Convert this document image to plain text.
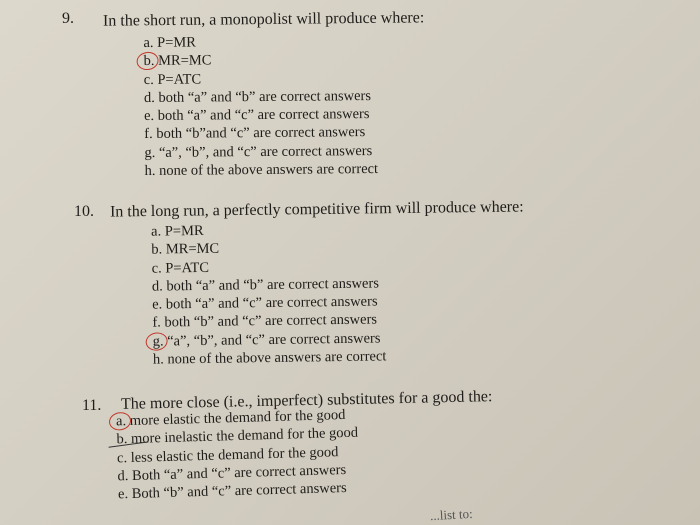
9. In the short run, a monopolist will produce where:
a. P=MR
b. MR=MC
c. P=ATC
d. both “a” and “b” are correct answers
e. both “a” and “c” are correct answers
f. both “b”and “c” are correct answers
g. “a”, “b”, and “c” are correct answers
h. none of the above answers are correct
10. In the long run, a perfectly competitive firm will produce where:
a. P=MR
b. MR=MC
c. P=ATC
d. both “a” and “b” are correct answers
e. both “a” and “c” are correct answers
f. both “b” and “c” are correct answers
g. “a”, “b”, and “c” are correct answers
h. none of the above answers are correct
11. The more close (i.e., imperfect) substitutes for a good the:
a. more elastic the demand for the good
b. more inelastic the demand for the good
c. less elastic the demand for the good
d. Both “a” and “c” are correct answers
e. Both “b” and “c” are correct answers
...list to:
